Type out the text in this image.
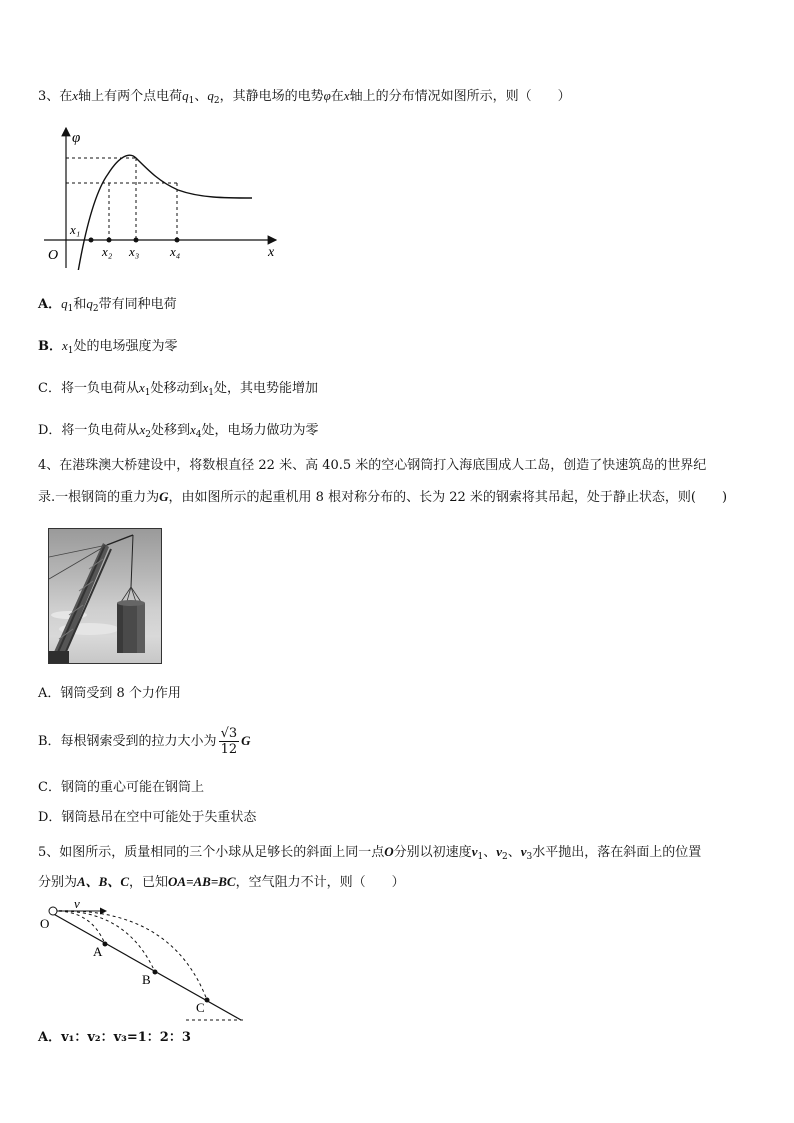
3、在x轴上有两个点电荷$q_1$、$q_2$，其静电场的电势φ在x轴上的分布情况如图所示，则（　　）
φ
x
O
x₁
x₂ x₃ x₄
A．$q_1$和$q_2$带有同种电荷
B．$x_1$处的电场强度为零
C．将一负电荷从$x_1$处移动到$x_1$处，其电势能增加
D．将一负电荷从$x_2$处移到$x_4$处，电场力做功为零
4、在港珠澳大桥建设中，将数根直径 22 米、高 40.5 米的空心钢筒打入海底围成人工岛，创造了快速筑岛的世界纪
录.一根钢筒的重力为G，由如图所示的起重机用 8 根对称分布的、长为 22 米的钢索将其吊起，处于静止状态，则(　　)
A．钢筒受到 8 个力作用
B．每根钢索受到的拉力大小为 $\frac{√3}{12}$ G
C．钢筒的重心可能在钢筒上
D．钢筒悬吊在空中可能处于失重状态
5、如图所示，质量相同的三个小球从足够长的斜面上同一点O分别以初速度$v_1$、$v_2$、$v_3$水平抛出，落在斜面上的位置
分别为A、B、C，已知OA=AB=BC，空气阻力不计，则（　　）
v
O
A
B
C
A．v₁：v₂：v₃=1：2：3
